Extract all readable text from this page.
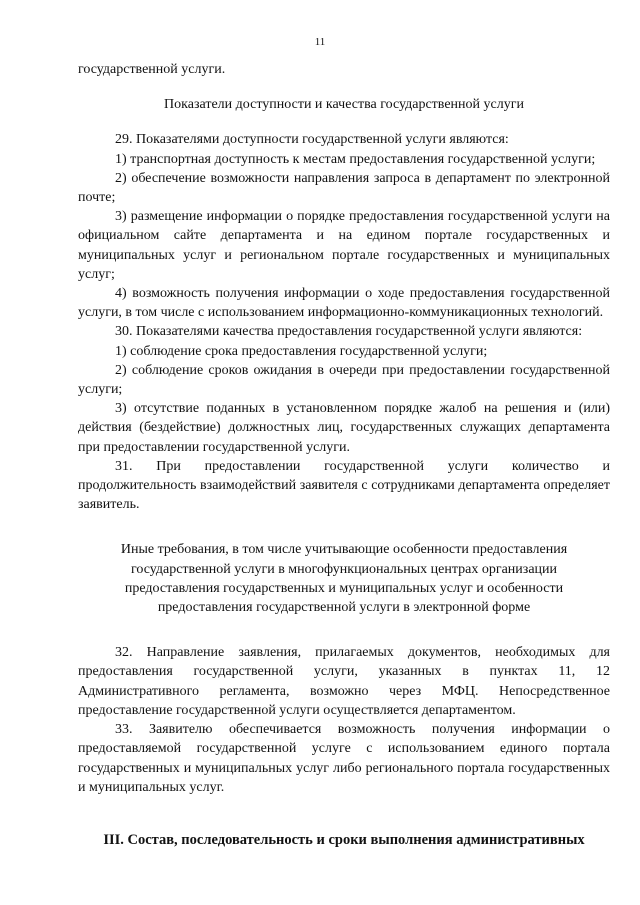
11

государственной услуги.

Показатели доступности и качества государственной услуги

29. Показателями доступности государственной услуги являются:

1) транспортная доступность к местам предоставления государственной услуги;

2) обеспечение возможности направления запроса в департамент по электронной почте;

3) размещение информации о порядке предоставления государственной услуги на официальном сайте департамента и на едином портале государственных и муниципальных услуг и региональном портале государственных и муниципальных услуг;

4) возможность получения информации о ходе предоставления государственной услуги, в том числе с использованием информационно-коммуникационных технологий.

30. Показателями качества предоставления государственной услуги являются:

1) соблюдение срока предоставления государственной услуги;

2) соблюдение сроков ожидания в очереди при предоставлении государственной услуги;

3) отсутствие поданных в установленном порядке жалоб на решения и (или) действия (бездействие) должностных лиц, государственных служащих департамента при предоставлении государственной услуги.

31. При предоставлении государственной услуги количество и продолжительность взаимодействий заявителя с сотрудниками департамента определяет заявитель.

Иные требования, в том числе учитывающие особенности предоставления

государственной услуги в многофункциональных центрах организации

предоставления государственных и муниципальных услуг и особенности

предоставления государственной услуги в электронной форме

32. Направление заявления, прилагаемых документов, необходимых для предоставления государственной услуги, указанных в пунктах 11, 12 Административного регламента, возможно через МФЦ. Непосредственное предоставление государственной услуги осуществляется департаментом.

33. Заявителю обеспечивается возможность получения информации о предоставляемой государственной услуге с использованием единого портала государственных и муниципальных услуг либо регионального портала государственных и муниципальных услуг.

III. Состав, последовательность и сроки выполнения административных
